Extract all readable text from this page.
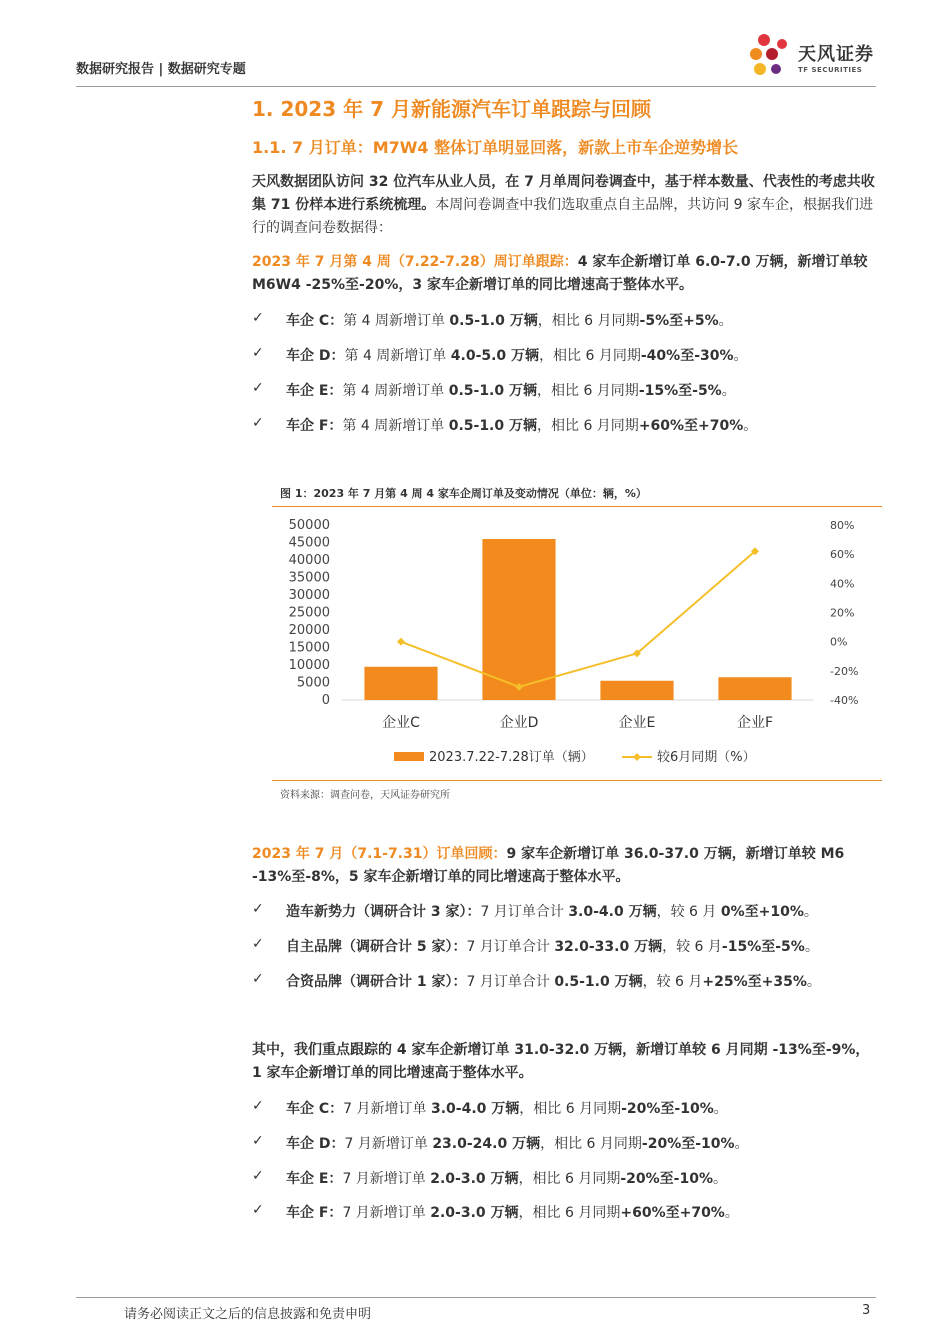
数据研究报告 | 数据研究专题
天风证券
TF SECURITIES
1. 2023 年 7 月新能源汽车订单跟踪与回顾
1.1. 7 月订单：M7W4 整体订单明显回落，新款上市车企逆势增长
天风数据团队访问 32 位汽车从业人员，在 7 月单周问卷调查中，基于样本数量、代表性的考虑共收集 71 份样本进行系统梳理。本周问卷调查中我们选取重点自主品牌，共访问 9 家车企，根据我们进行的调查问卷数据得：
2023 年 7 月第 4 周（7.22-7.28）周订单跟踪：4 家车企新增订单 6.0-7.0 万辆，新增订单较 M6W4 -25%至-20%，3 家车企新增订单的同比增速高于整体水平。
✓ 车企 C：第 4 周新增订单 0.5-1.0 万辆，相比 6 月同期-5%至+5%。
✓ 车企 D：第 4 周新增订单 4.0-5.0 万辆，相比 6 月同期-40%至-30%。
✓ 车企 E：第 4 周新增订单 0.5-1.0 万辆，相比 6 月同期-15%至-5%。
✓ 车企 F：第 4 周新增订单 0.5-1.0 万辆，相比 6 月同期+60%至+70%。
图 1：2023 年 7 月第 4 周 4 家车企周订单及变动情况（单位：辆，%）
0
5000
10000
15000
20000
25000
30000
35000
40000
45000
50000
-40%
-20%
0%
20%
40%
60%
80%
企业C	企业D	企业E	企业F
2023.7.22-7.28订单（辆）	较6月同期（%）
资料来源：调查问卷，天风证券研究所
2023 年 7 月（7.1-7.31）订单回顾：9 家车企新增订单 36.0-37.0 万辆，新增订单较 M6 -13%至-8%，5 家车企新增订单的同比增速高于整体水平。
✓ 造车新势力（调研合计 3 家）：7 月订单合计 3.0-4.0 万辆，较 6 月 0%至+10%。
✓ 自主品牌（调研合计 5 家）：7 月订单合计 32.0-33.0 万辆，较 6 月-15%至-5%。
✓ 合资品牌（调研合计 1 家）：7 月订单合计 0.5-1.0 万辆，较 6 月+25%至+35%。
其中，我们重点跟踪的 4 家车企新增订单 31.0-32.0 万辆，新增订单较 6 月同期 -13%至-9%，1 家车企新增订单的同比增速高于整体水平。
✓ 车企 C：7 月新增订单 3.0-4.0 万辆，相比 6 月同期-20%至-10%。
✓ 车企 D：7 月新增订单 23.0-24.0 万辆，相比 6 月同期-20%至-10%。
✓ 车企 E：7 月新增订单 2.0-3.0 万辆，相比 6 月同期-20%至-10%。
✓ 车企 F：7 月新增订单 2.0-3.0 万辆，相比 6 月同期+60%至+70%。
请务必阅读正文之后的信息披露和免责申明	3
